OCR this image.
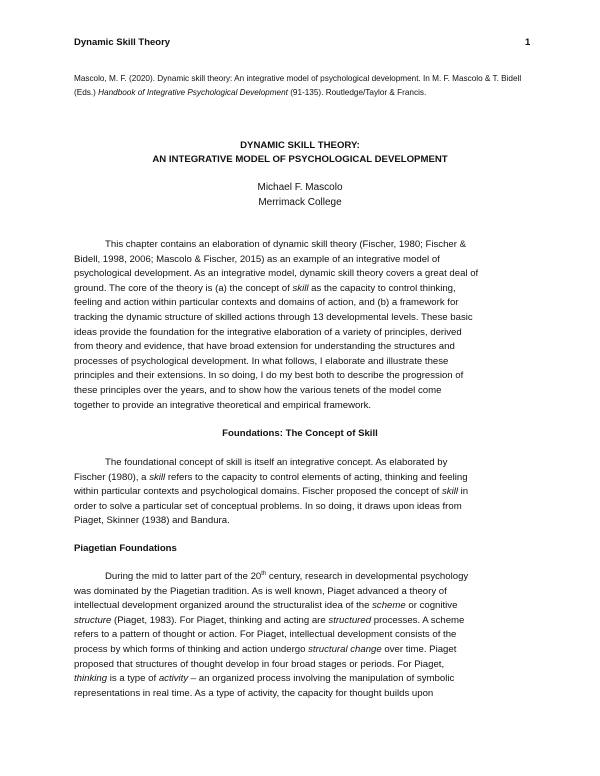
Dynamic Skill Theory	1
Mascolo, M. F. (2020). Dynamic skill theory: An integrative model of psychological development. In M. F. Mascolo & T. Bidell (Eds.) Handbook of Integrative Psychological Development (91-135). Routledge/Taylor & Francis.
DYNAMIC SKILL THEORY:
AN INTEGRATIVE MODEL OF PSYCHOLOGICAL DEVELOPMENT
Michael F. Mascolo
Merrimack College
This chapter contains an elaboration of dynamic skill theory (Fischer, 1980; Fischer &
Bidell, 1998, 2006; Mascolo & Fischer, 2015) as an example of an integrative model of
psychological development. As an integrative model, dynamic skill theory covers a great deal of
ground. The core of the theory is (a) the concept of skill as the capacity to control thinking,
feeling and action within particular contexts and domains of action, and (b) a framework for
tracking the dynamic structure of skilled actions through 13 developmental levels. These basic
ideas provide the foundation for the integrative elaboration of a variety of principles, derived
from theory and evidence, that have broad extension for understanding the structures and
processes of psychological development. In what follows, I elaborate and illustrate these
principles and their extensions. In so doing, I do my best both to describe the progression of
these principles over the years, and to show how the various tenets of the model come
together to provide an integrative theoretical and empirical framework.
Foundations: The Concept of Skill
The foundational concept of skill is itself an integrative concept. As elaborated by
Fischer (1980), a skill refers to the capacity to control elements of acting, thinking and feeling
within particular contexts and psychological domains. Fischer proposed the concept of skill in
order to solve a particular set of conceptual problems. In so doing, it draws upon ideas from
Piaget, Skinner (1938) and Bandura.
Piagetian Foundations
During the mid to latter part of the 20th century, research in developmental psychology
was dominated by the Piagetian tradition. As is well known, Piaget advanced a theory of
intellectual development organized around the structuralist idea of the scheme or cognitive
structure (Piaget, 1983). For Piaget, thinking and acting are structured processes. A scheme
refers to a pattern of thought or action. For Piaget, intellectual development consists of the
process by which forms of thinking and action undergo structural change over time. Piaget
proposed that structures of thought develop in four broad stages or periods. For Piaget,
thinking is a type of activity – an organized process involving the manipulation of symbolic
representations in real time. As a type of activity, the capacity for thought builds upon
